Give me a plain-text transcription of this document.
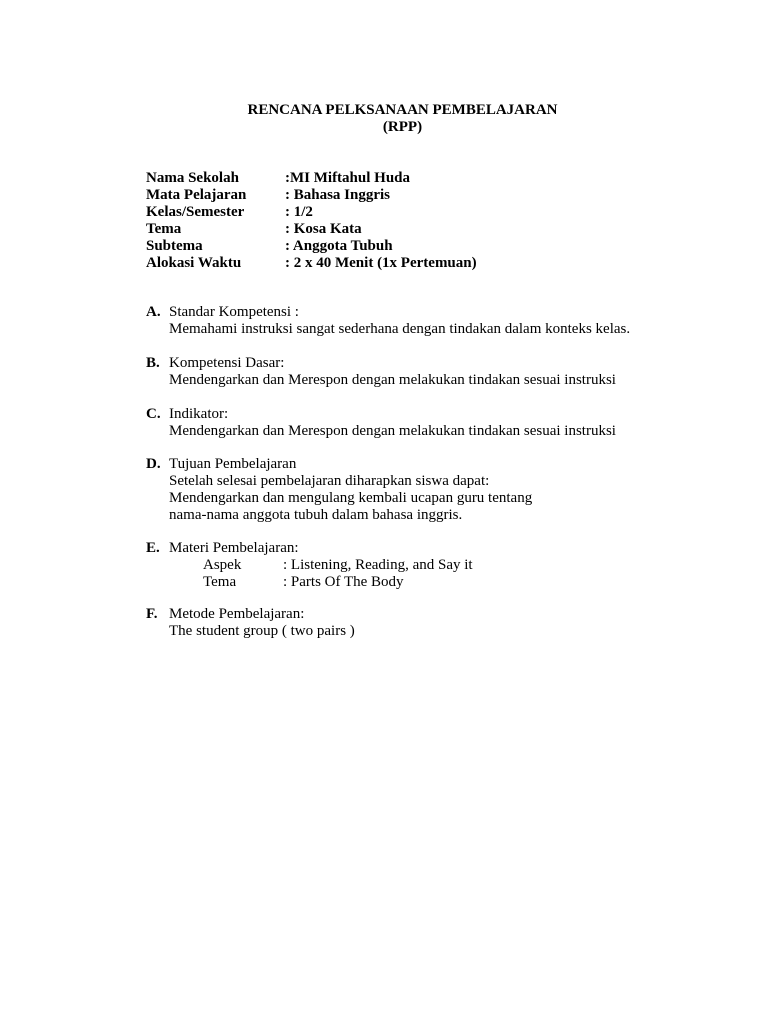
RENCANA PELKSANAAN PEMBELAJARAN
(RPP)
Nama Sekolah	:MI Miftahul Huda
Mata Pelajaran	: Bahasa Inggris
Kelas/Semester	: 1/2
Tema	: Kosa Kata
Subtema	: Anggota Tubuh
Alokasi Waktu	: 2 x 40 Menit (1x Pertemuan)
A. Standar Kompetensi :
Memahami instruksi sangat sederhana dengan tindakan dalam konteks kelas.
B. Kompetensi Dasar:
Mendengarkan dan Merespon dengan melakukan tindakan sesuai instruksi
C. Indikator:
Mendengarkan dan Merespon dengan melakukan tindakan sesuai instruksi
D. Tujuan Pembelajaran
Setelah selesai pembelajaran diharapkan siswa dapat:
Mendengarkan dan mengulang kembali ucapan guru tentang
nama-nama anggota tubuh dalam bahasa inggris.
E. Materi Pembelajaran:
Aspek	: Listening, Reading, and Say it
Tema	: Parts Of The Body
F. Metode Pembelajaran:
The student group ( two pairs )
